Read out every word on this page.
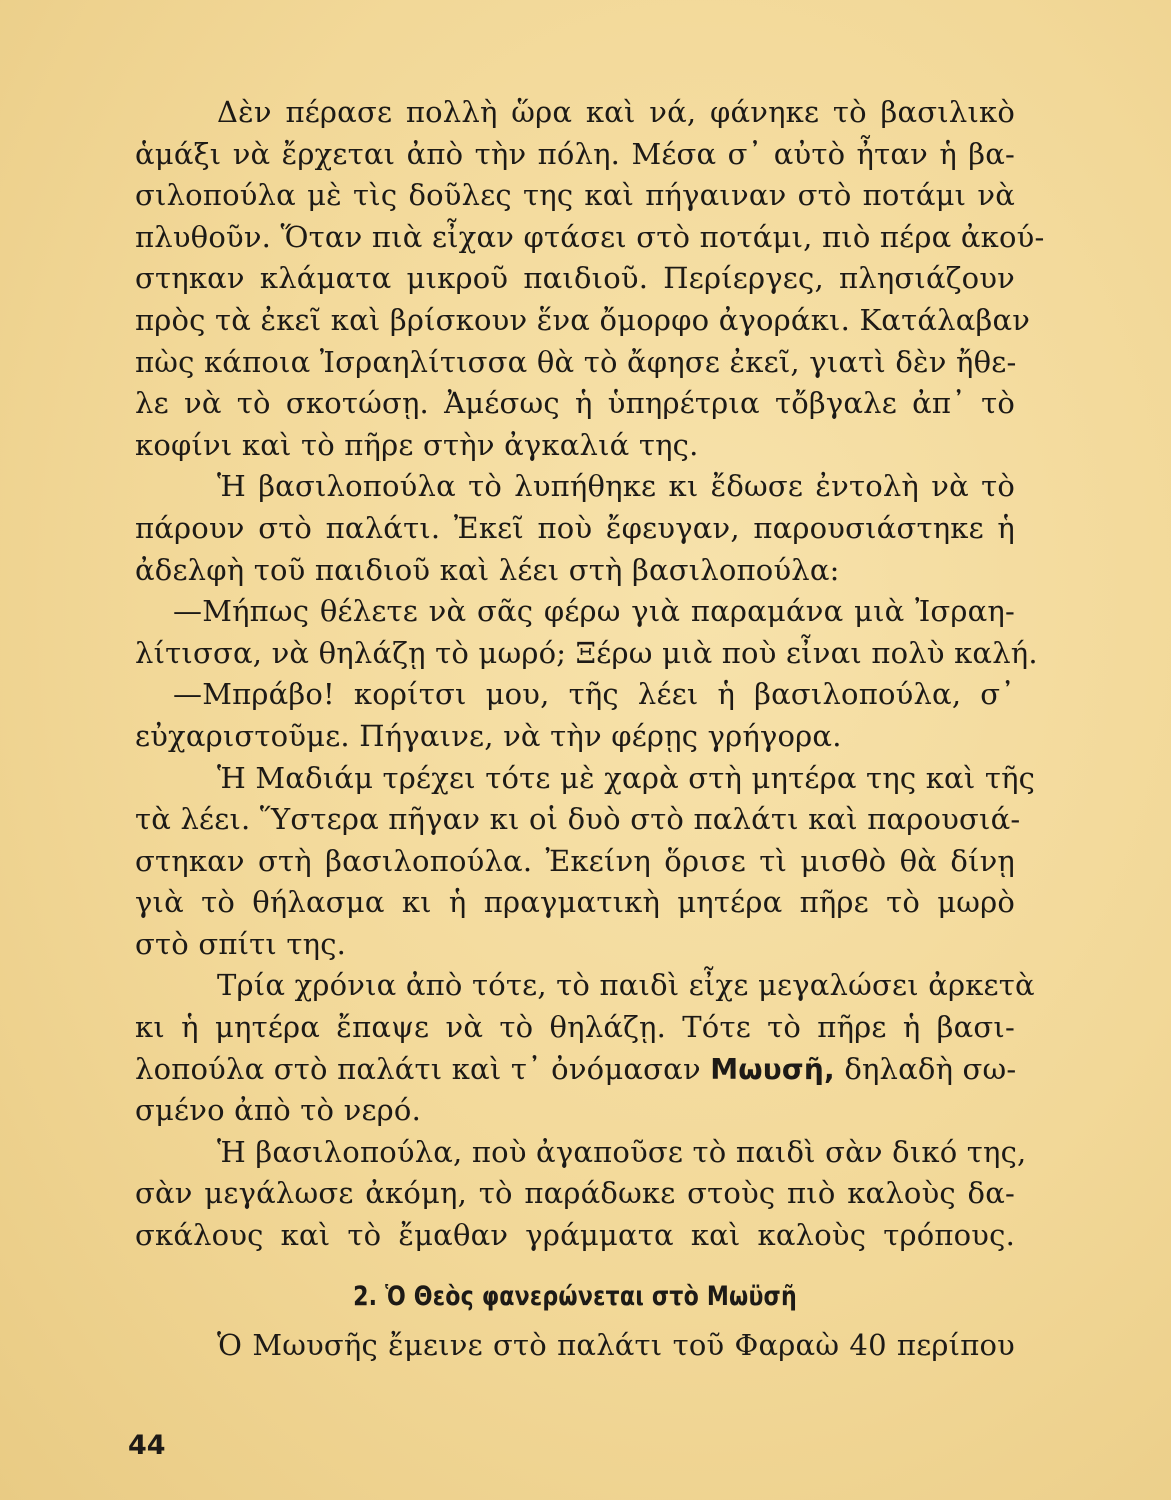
Δὲν πέρασε πολλὴ ὥρα καὶ νά, φάνηκε τὸ βασιλικὸ
ἁμάξι νὰ ἔρχεται ἀπὸ τὴν πόλη. Μέσα σ᾽ αὐτὸ ἦταν ἡ βα-
σιλοπούλα μὲ τὶς δοῦλες της καὶ πήγαιναν στὸ ποτάμι νὰ
πλυθοῦν. Ὅταν πιὰ εἶχαν φτάσει στὸ ποτάμι, πιὸ πέρα ἀκού-
στηκαν κλάματα μικροῦ παιδιοῦ. Περίεργες, πλησιάζουν
πρὸς τὰ ἐκεῖ καὶ βρίσκουν ἕνα ὄμορφο ἀγοράκι. Κατάλαβαν
πὼς κάποια Ἰσραηλίτισσα θὰ τὸ ἄφησε ἐκεῖ, γιατὶ δὲν ἤθε-
λε νὰ τὸ σκοτώσῃ. Ἀμέσως ἡ ὑπηρέτρια τὄβγαλε ἀπ᾽ τὸ
κοφίνι καὶ τὸ πῆρε στὴν ἀγκαλιά της.
Ἡ βασιλοπούλα τὸ λυπήθηκε κι ἔδωσε ἐντολὴ νὰ τὸ
πάρουν στὸ παλάτι. Ἐκεῖ ποὺ ἔφευγαν, παρουσιάστηκε ἡ
ἀδελφὴ τοῦ παιδιοῦ καὶ λέει στὴ βασιλοπούλα:
—Μήπως θέλετε νὰ σᾶς φέρω γιὰ παραμάνα μιὰ Ἰσραη-
λίτισσα, νὰ θηλάζῃ τὸ μωρό; Ξέρω μιὰ ποὺ εἶναι πολὺ καλή.
—Μπράβο! κορίτσι μου, τῆς λέει ἡ βασιλοπούλα, σ᾽
εὐχαριστοῦμε. Πήγαινε, νὰ τὴν φέρῃς γρήγορα.
Ἡ Μαδιάμ τρέχει τότε μὲ χαρὰ στὴ μητέρα της καὶ τῆς
τὰ λέει. Ὕστερα πῆγαν κι οἱ δυὸ στὸ παλάτι καὶ παρουσιά-
στηκαν στὴ βασιλοπούλα. Ἐκείνη ὅρισε τὶ μισθὸ θὰ δίνῃ
γιὰ τὸ θήλασμα κι ἡ πραγματικὴ μητέρα πῆρε τὸ μωρὸ
στὸ σπίτι της.
Τρία χρόνια ἀπὸ τότε, τὸ παιδὶ εἶχε μεγαλώσει ἀρκετὰ
κι ἡ μητέρα ἔπαψε νὰ τὸ θηλάζῃ. Τότε τὸ πῆρε ἡ βασι-
λοπούλα στὸ παλάτι καὶ τ᾽ ὀνόμασαν Μωυσῆ, δηλαδὴ σω-
σμένο ἀπὸ τὸ νερό.
Ἡ βασιλοπούλα, ποὺ ἀγαποῦσε τὸ παιδὶ σὰν δικό της,
σὰν μεγάλωσε ἀκόμη, τὸ παράδωκε στοὺς πιὸ καλοὺς δα-
σκάλους καὶ τὸ ἔμαθαν γράμματα καὶ καλοὺς τρόπους.
2. Ὁ Θεὸς φανερώνεται στὸ Μωϋσῆ
Ὁ Μωυσῆς ἔμεινε στὸ παλάτι τοῦ Φαραὼ 40 περίπου
44
